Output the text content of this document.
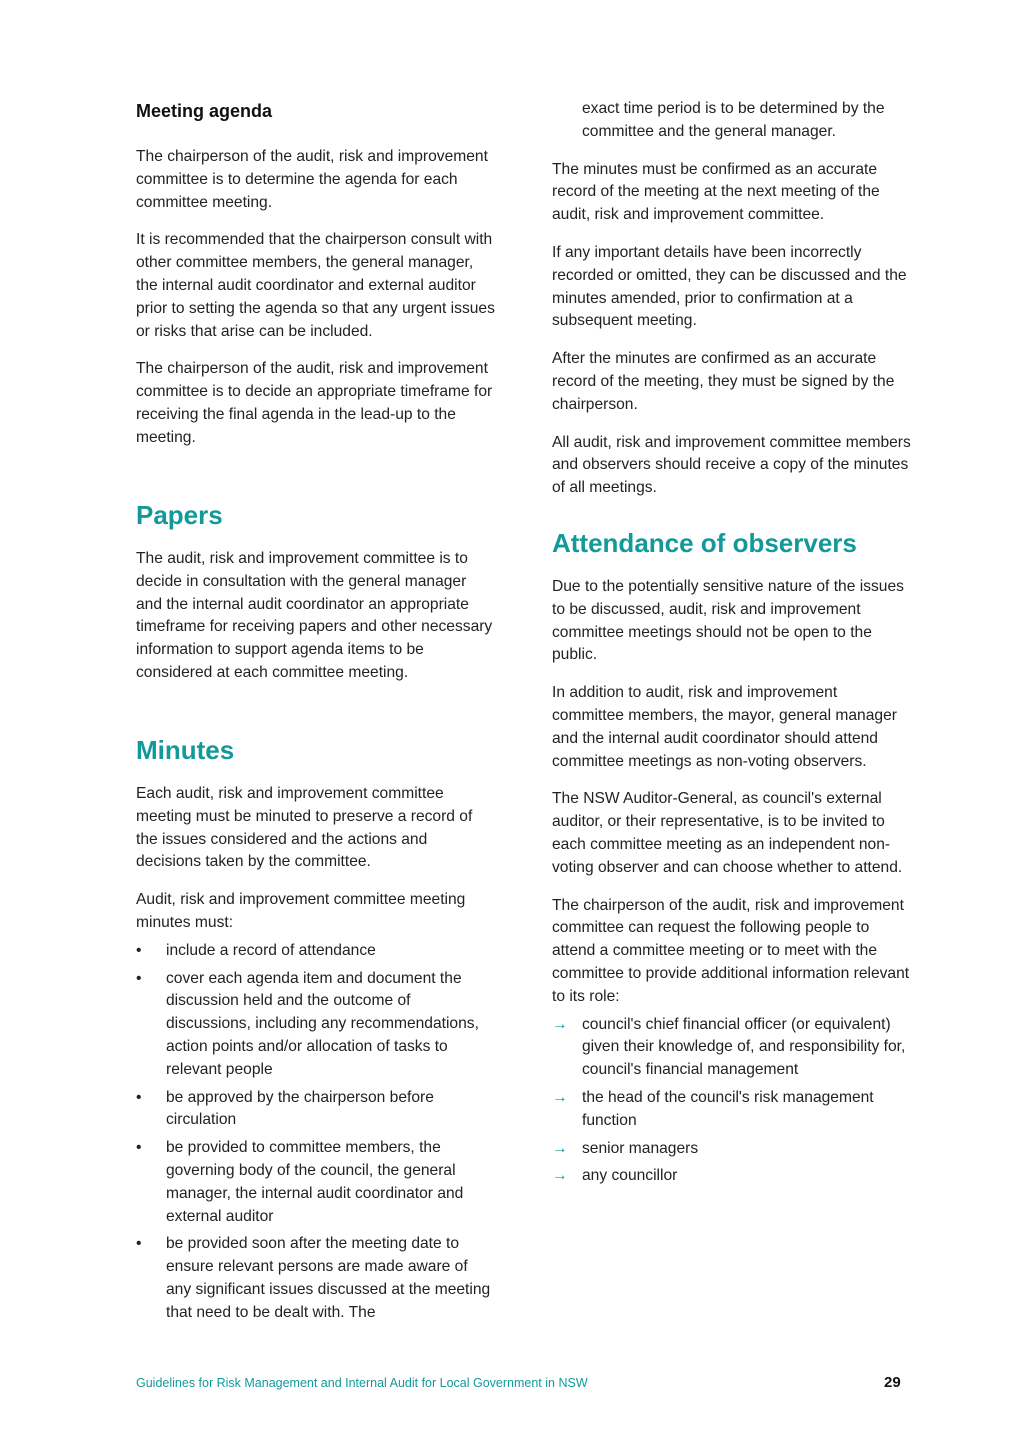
Meeting agenda

The chairperson of the audit, risk and improvement committee is to determine the agenda for each committee meeting.

It is recommended that the chairperson consult with other committee members, the general manager, the internal audit coordinator and external auditor prior to setting the agenda so that any urgent issues or risks that arise can be included.

The chairperson of the audit, risk and improvement committee is to decide an appropriate timeframe for receiving the final agenda in the lead-up to the meeting.

Papers

The audit, risk and improvement committee is to decide in consultation with the general manager and the internal audit coordinator an appropriate timeframe for receiving papers and other necessary information to support agenda items to be considered at each committee meeting.

Minutes

Each audit, risk and improvement committee meeting must be minuted to preserve a record of the issues considered and the actions and decisions taken by the committee.

Audit, risk and improvement committee meeting minutes must:

• include a record of attendance
• cover each agenda item and document the discussion held and the outcome of discussions, including any recommendations, action points and/or allocation of tasks to relevant people
• be approved by the chairperson before circulation
• be provided to committee members, the governing body of the council, the general manager, the internal audit coordinator and external auditor
• be provided soon after the meeting date to ensure relevant persons are made aware of any significant issues discussed at the meeting that need to be dealt with. The

exact time period is to be determined by the committee and the general manager.

The minutes must be confirmed as an accurate record of the meeting at the next meeting of the audit, risk and improvement committee.

If any important details have been incorrectly recorded or omitted, they can be discussed and the minutes amended, prior to confirmation at a subsequent meeting.

After the minutes are confirmed as an accurate record of the meeting, they must be signed by the chairperson.

All audit, risk and improvement committee members and observers should receive a copy of the minutes of all meetings.

Attendance of observers

Due to the potentially sensitive nature of the issues to be discussed, audit, risk and improvement committee meetings should not be open to the public.

In addition to audit, risk and improvement committee members, the mayor, general manager and the internal audit coordinator should attend committee meetings as non-voting observers.

The NSW Auditor-General, as council's external auditor, or their representative, is to be invited to each committee meeting as an independent non-voting observer and can choose whether to attend.

The chairperson of the audit, risk and improvement committee can request the following people to attend a committee meeting or to meet with the committee to provide additional information relevant to its role:

→ council's chief financial officer (or equivalent) given their knowledge of, and responsibility for, council's financial management
→ the head of the council's risk management function
→ senior managers
→ any councillor
Guidelines for Risk Management and Internal Audit for Local Government in NSW	29
